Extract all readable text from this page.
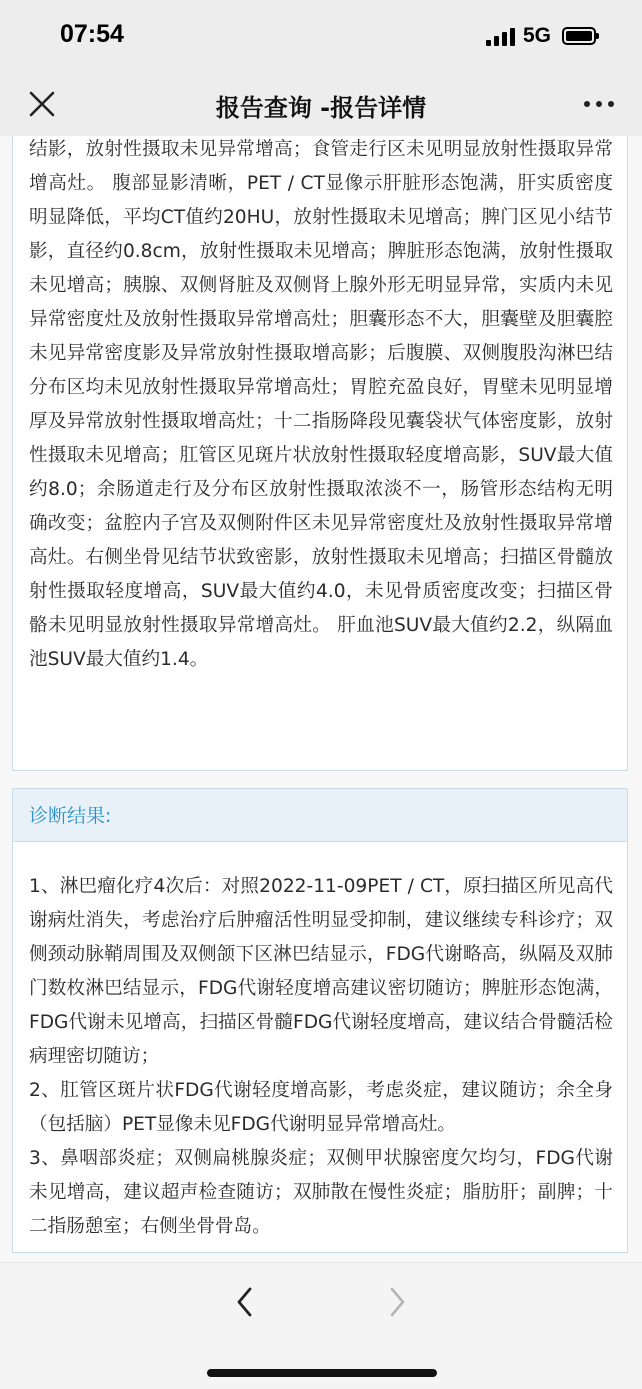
07:54	5G
报告查询 -报告详情
结影，放射性摄取未见异常增高；食管走行区未见明显放射性摄取异常增高灶。 腹部显影清晰，PET / CT显像示肝脏形态饱满，肝实质密度明显降低，平均CT值约20HU，放射性摄取未见增高；脾门区见小结节影，直径约0.8cm，放射性摄取未见增高；脾脏形态饱满，放射性摄取未见增高；胰腺、双侧肾脏及双侧肾上腺外形无明显异常，实质内未见异常密度灶及放射性摄取异常增高灶；胆囊形态不大，胆囊壁及胆囊腔未见异常密度影及异常放射性摄取增高影；后腹膜、双侧腹股沟淋巴结分布区均未见放射性摄取异常增高灶；胃腔充盈良好，胃壁未见明显增厚及异常放射性摄取增高灶；十二指肠降段见囊袋状气体密度影，放射性摄取未见增高；肛管区见斑片状放射性摄取轻度增高影，SUV最大值约8.0；余肠道走行及分布区放射性摄取浓淡不一，肠管形态结构无明确改变；盆腔内子宫及双侧附件区未见异常密度灶及放射性摄取异常增高灶。右侧坐骨见结节状致密影，放射性摄取未见增高；扫描区骨髓放射性摄取轻度增高，SUV最大值约4.0，未见骨质密度改变；扫描区骨骼未见明显放射性摄取异常增高灶。 肝血池SUV最大值约2.2，纵隔血池SUV最大值约1.4。
诊断结果:

1、淋巴瘤化疗4次后：对照2022-11-09PET / CT，原扫描区所见高代谢病灶消失，考虑治疗后肿瘤活性明显受抑制，建议继续专科诊疗；双侧颈动脉鞘周围及双侧颌下区淋巴结显示，FDG代谢略高，纵隔及双肺门数枚淋巴结显示，FDG代谢轻度增高建议密切随访；脾脏形态饱满，FDG代谢未见增高，扫描区骨髓FDG代谢轻度增高，建议结合骨髓活检病理密切随访；

2、肛管区斑片状FDG代谢轻度增高影，考虑炎症，建议随访；余全身（包括脑）PET显像未见FDG代谢明显异常增高灶。

3、鼻咽部炎症；双侧扁桃腺炎症；双侧甲状腺密度欠均匀，FDG代谢未见增高，建议超声检查随访；双肺散在慢性炎症；脂肪肝；副脾；十二指肠憩室；右侧坐骨骨岛。
